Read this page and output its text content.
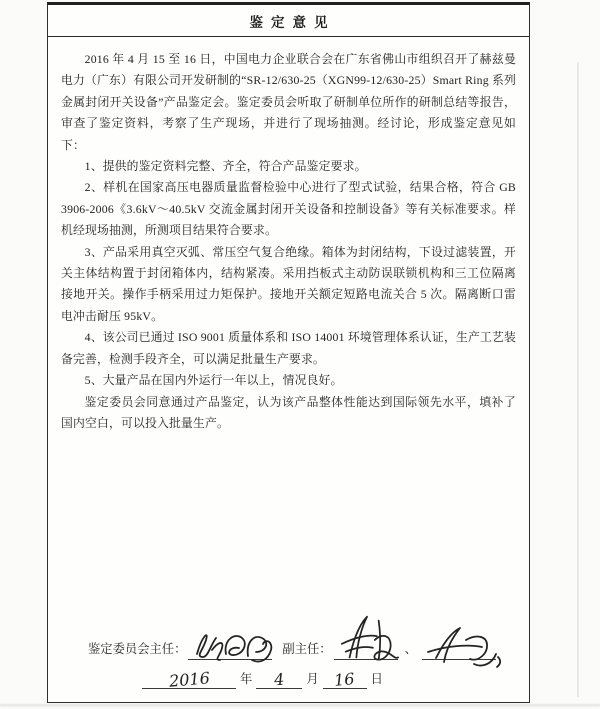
鉴定意见

2016 年 4 月 15 至 16 日，中国电力企业联合会在广东省佛山市组织召开了赫兹曼电力（广东）有限公司开发研制的“SR-12/630-25（XGN99-12/630-25）Smart Ring 系列金属封闭开关设备”产品鉴定会。鉴定委员会听取了研制单位所作的研制总结等报告，审查了鉴定资料，考察了生产现场，并进行了现场抽测。经讨论，形成鉴定意见如下：

1、提供的鉴定资料完整、齐全，符合产品鉴定要求。

2、样机在国家高压电器质量监督检验中心进行了型式试验，结果合格，符合 GB 3906-2006《3.6kV～40.5kV 交流金属封闭开关设备和控制设备》等有关标准要求。样机经现场抽测，所测项目结果符合要求。

3、产品采用真空灭弧、常压空气复合绝缘。箱体为封闭结构，下设过滤装置，开关主体结构置于封闭箱体内，结构紧凑。采用挡板式主动防误联锁机构和三工位隔离接地开关。操作手柄采用过力矩保护。接地开关额定短路电流关合 5 次。隔离断口雷电冲击耐压 95kV。

4、该公司已通过 ISO 9001 质量体系和 ISO 14001 环境管理体系认证，生产工艺装备完善，检测手段齐全，可以满足批量生产要求。

5、大量产品在国内外运行一年以上，情况良好。

鉴定委员会同意通过产品鉴定，认为该产品整体性能达到国际领先水平，填补了国内空白，可以投入批量生产。

鉴定委员会主任：	副主任：	、
2016	年	4	月 16	日
